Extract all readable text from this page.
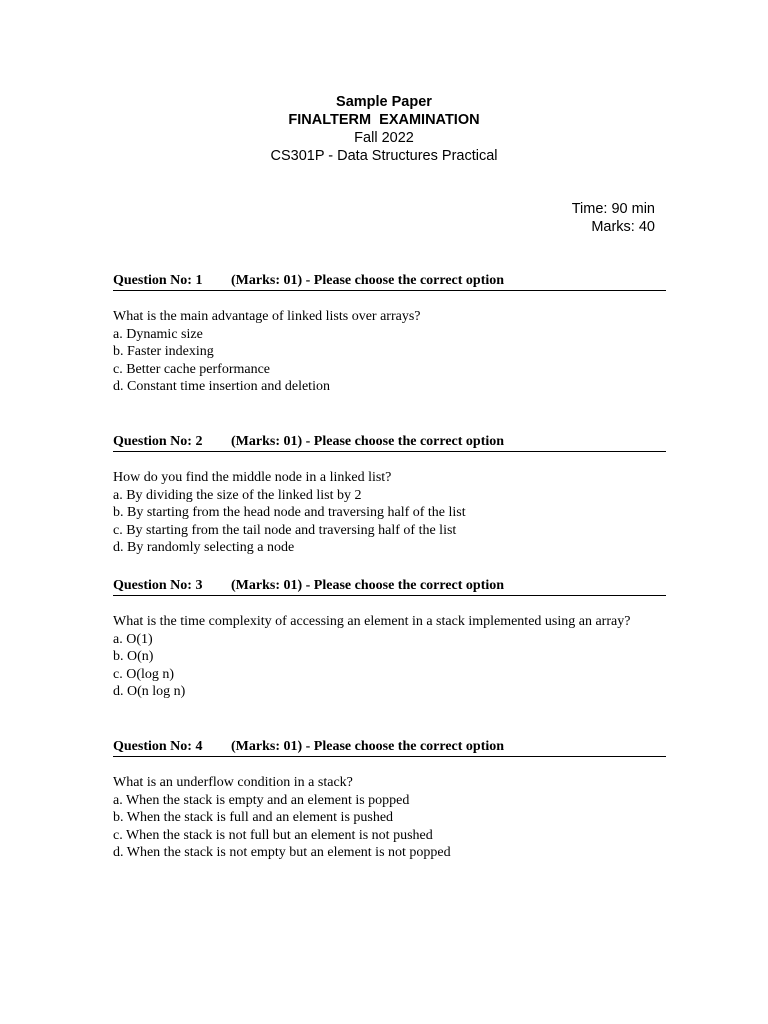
Sample Paper
FINALTERM  EXAMINATION
Fall 2022
CS301P - Data Structures Practical
Time: 90 min
Marks: 40
Question No: 1 (Marks: 01) - Please choose the correct option
What is the main advantage of linked lists over arrays?
a. Dynamic size
b. Faster indexing
c. Better cache performance
d. Constant time insertion and deletion
Question No: 2 (Marks: 01) - Please choose the correct option
How do you find the middle node in a linked list?
a. By dividing the size of the linked list by 2
b. By starting from the head node and traversing half of the list
c. By starting from the tail node and traversing half of the list
d. By randomly selecting a node
Question No: 3 (Marks: 01) - Please choose the correct option
What is the time complexity of accessing an element in a stack implemented using an array?
a. O(1)
b. O(n)
c. O(log n)
d. O(n log n)
Question No: 4 (Marks: 01) - Please choose the correct option
What is an underflow condition in a stack?
a. When the stack is empty and an element is popped
b. When the stack is full and an element is pushed
c. When the stack is not full but an element is not pushed
d. When the stack is not empty but an element is not popped
